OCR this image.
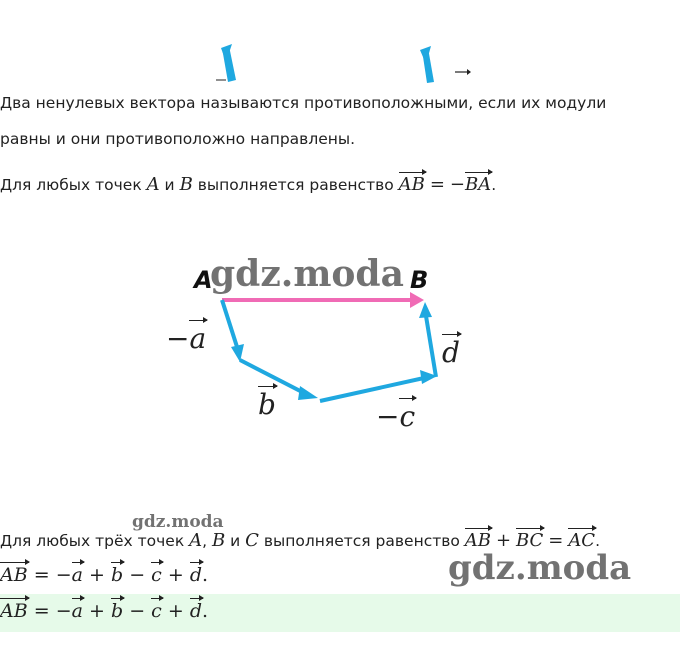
Два ненулевых вектора называются противоположными, если их модули
равны и они противоположно направлены.
Для любых точек A и B выполняется равенство AB = −BA.
gdz.moda
A	B
−a
b	−c
d
gdz.moda
Для любых трёх точек A, B и C выполняется равенство AB + BC = AC.
AB = −a + b − c + d.	gdz.moda
AB = −a + b − c + d.
